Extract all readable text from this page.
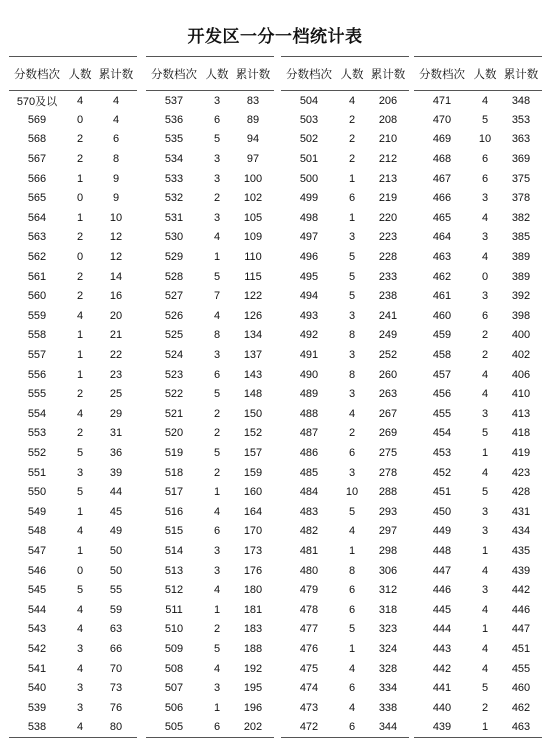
开发区一分一档统计表
分数档次	人数	累计数
570及以	4	4
569	0	4
568	2	6
567	2	8
566	1	9
565	0	9
564	1	10
563	2	12
562	0	12
561	2	14
560	2	16
559	4	20
558	1	21
557	1	22
556	1	23
555	2	25
554	4	29
553	2	31
552	5	36
551	3	39
550	5	44
549	1	45
548	4	49
547	1	50
546	0	50
545	5	55
544	4	59
543	4	63
542	3	66
541	4	70
540	3	73
539	3	76
538	4	80
分数档次	人数	累计数
537	3	83
536	6	89
535	5	94
534	3	97
533	3	100
532	2	102
531	3	105
530	4	109
529	1	110
528	5	115
527	7	122
526	4	126
525	8	134
524	3	137
523	6	143
522	5	148
521	2	150
520	2	152
519	5	157
518	2	159
517	1	160
516	4	164
515	6	170
514	3	173
513	3	176
512	4	180
511	1	181
510	2	183
509	5	188
508	4	192
507	3	195
506	1	196
505	6	202
分数档次	人数	累计数
504	4	206
503	2	208
502	2	210
501	2	212
500	1	213
499	6	219
498	1	220
497	3	223
496	5	228
495	5	233
494	5	238
493	3	241
492	8	249
491	3	252
490	8	260
489	3	263
488	4	267
487	2	269
486	6	275
485	3	278
484	10	288
483	5	293
482	4	297
481	1	298
480	8	306
479	6	312
478	6	318
477	5	323
476	1	324
475	4	328
474	6	334
473	4	338
472	6	344
分数档次	人数	累计数
471	4	348
470	5	353
469	10	363
468	6	369
467	6	375
466	3	378
465	4	382
464	3	385
463	4	389
462	0	389
461	3	392
460	6	398
459	2	400
458	2	402
457	4	406
456	4	410
455	3	413
454	5	418
453	1	419
452	4	423
451	5	428
450	3	431
449	3	434
448	1	435
447	4	439
446	3	442
445	4	446
444	1	447
443	4	451
442	4	455
441	5	460
440	2	462
439	1	463
